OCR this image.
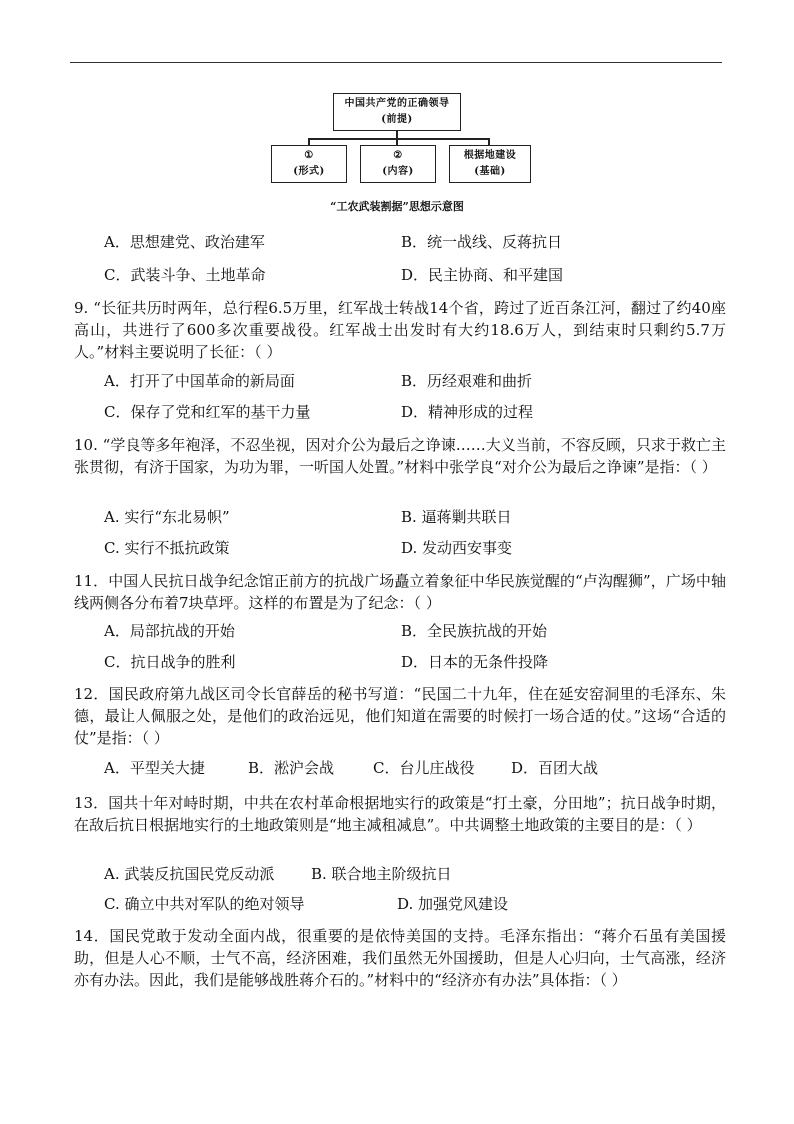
中国共产党的正确领导
(前提)
①
(形式)
②
(内容)
根据地建设
(基础)
“工农武装割据”思想示意图
A．思想建党、政治建军	B．统一战线、反蒋抗日
C．武装斗争、土地革命	D．民主协商、和平建国
9. “长征共历时两年，总行程6.5万里，红军战士转战14个省，跨过了近百条江河，翻过了约40座高山，共进行了600多次重要战役。红军战士出发时有大约18.6万人，到结束时只剩约5.7万人。”材料主要说明了长征：（ ）
A．打开了中国革命的新局面	B．历经艰难和曲折
C．保存了党和红军的基干力量	D．精神形成的过程
10. “学良等多年袍泽，不忍坐视，因对介公为最后之诤谏……大义当前，不容反顾，只求于救亡主张贯彻，有济于国家，为功为罪，一听国人处置。”材料中张学良“对介公为最后之诤谏”是指：（ ）
A. 实行“东北易帜”	B. 逼蒋剿共联日
C. 实行不抵抗政策	D. 发动西安事变
11．中国人民抗日战争纪念馆正前方的抗战广场矗立着象征中华民族觉醒的“卢沟醒狮”，广场中轴线两侧各分布着7块草坪。这样的布置是为了纪念：（ ）
A．局部抗战的开始	B．全民族抗战的开始
C．抗日战争的胜利	D．日本的无条件投降
12．国民政府第九战区司令长官薛岳的秘书写道：“民国二十九年，住在延安窑洞里的毛泽东、朱德，最让人佩服之处，是他们的政治远见，他们知道在需要的时候打一场合适的仗。”这场“合适的仗”是指：（ ）
A．平型关大捷	B．淞沪会战	C．台儿庄战役 D．百团大战
13．国共十年对峙时期，中共在农村革命根据地实行的政策是“打土豪，分田地”；抗日战争时期，在敌后抗日根据地实行的土地政策则是“地主减租减息”。中共调整土地政策的主要目的是：（ ）
A. 武装反抗国民党反动派 B. 联合地主阶级抗日
C. 确立中共对军队的绝对领导	D. 加强党风建设
14．国民党敢于发动全面内战，很重要的是依恃美国的支持。毛泽东指出：“蒋介石虽有美国援助，但是人心不顺，士气不高，经济困难，我们虽然无外国援助，但是人心归向，士气高涨，经济亦有办法。因此，我们是能够战胜蒋介石的。”材料中的“经济亦有办法”具体指：（ ）
